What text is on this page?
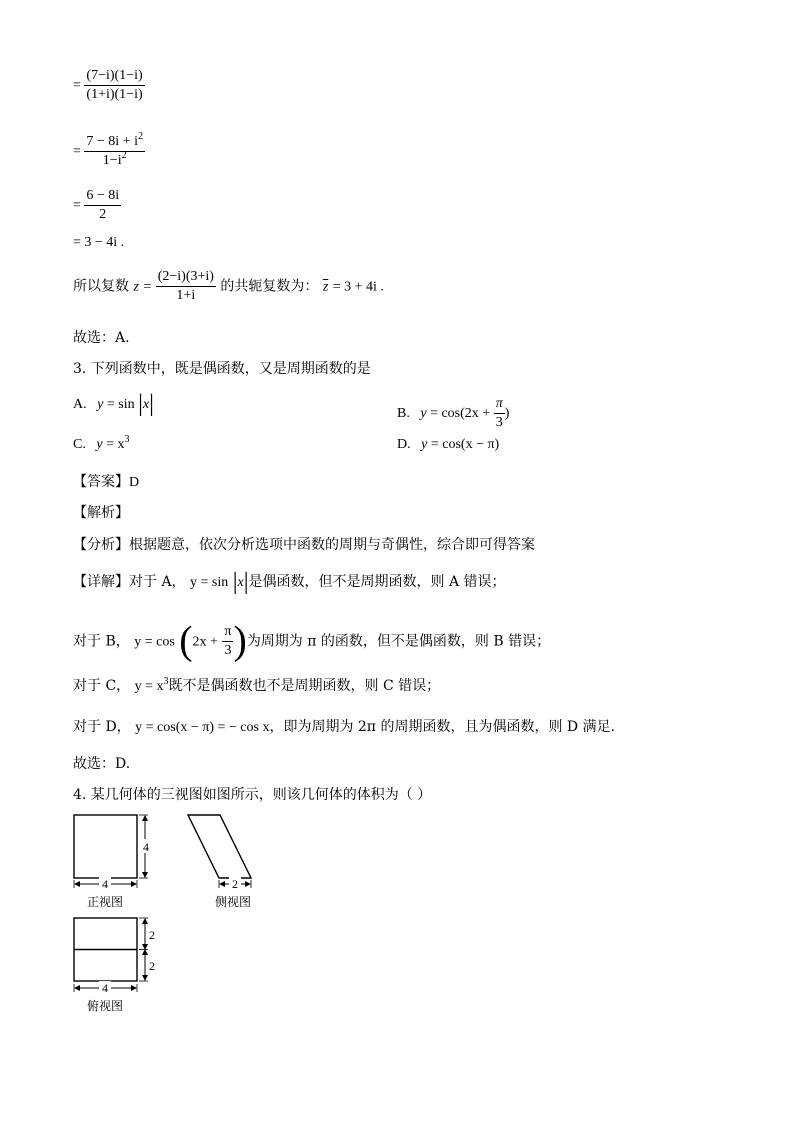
= $\frac{(7-i)(1-i)}{(1+i)(1-i)}$
= $\frac{7 - 8i + i^2}{1-i^2}$
= $\frac{6 - 8i}{2}$
= 3 − 4i .
所以复数 $z = \frac{(2-i)(3+i)}{1+i}$ 的共轭复数为： $\overline{z} = 3 + 4i$ .
故选：A.
3. 下列函数中，既是偶函数，又是周期函数的是
A. y = sin |x|	B. $y = \cos(2x + \frac{\pi}{3}$ )
C. $y = x^3$	D. y = cos(x − π)
【答案】D
【解析】
【分析】根据题意，依次分析选项中函数的周期与奇偶性，综合即可得答案
【详解】对于 A， y = sin |x|是偶函数，但不是周期函数，则 A 错误；
对于 B， $y = \cos (2x + \frac{\pi}{3}$ )为周期为 π 的函数，但不是偶函数，则 B 错误；
对于 C， $y = x^3$既不是偶函数也不是周期函数，则 C 错误；
对于 D， y = cos(x − π) = − cos x，即为周期为 2π 的周期函数，且为偶函数，则 D 满足.
故选：D.
4. 某几何体的三视图如图所示，则该几何体的体积为（ ）
4
4
正视图
2
侧视图
2
2
4
俯视图
